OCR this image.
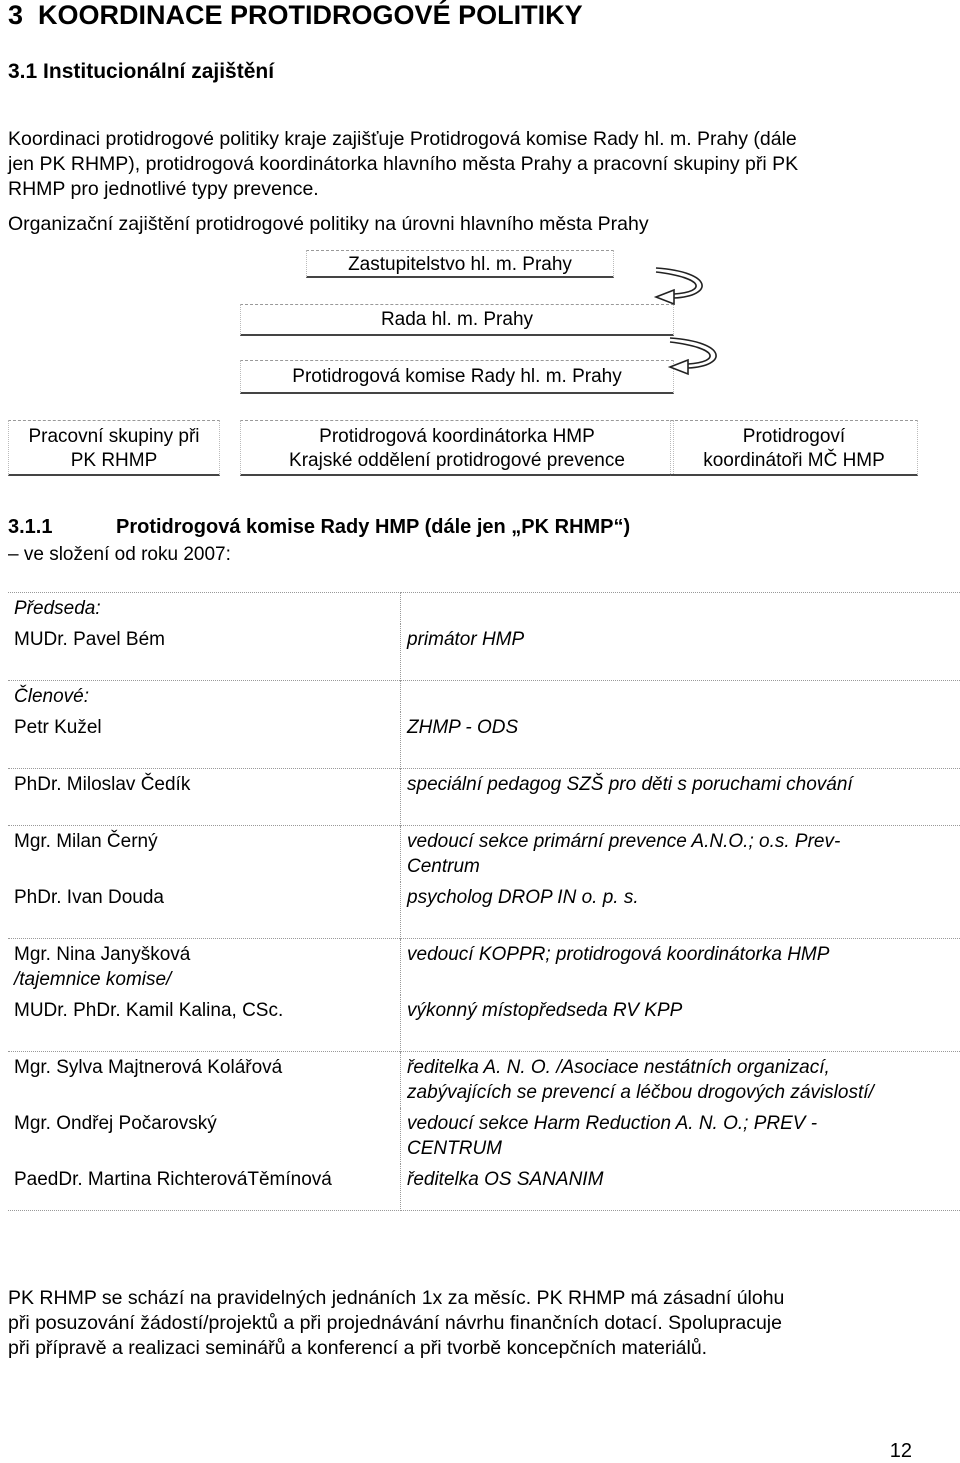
3 KOORDINACE PROTIDROGOVÉ POLITIKY
3.1 Institucionální zajištění
Koordinaci protidrogové politiky kraje zajišťuje Protidrogová komise Rady hl. m. Prahy (dále
jen PK RHMP), protidrogová koordinátorka hlavního města Prahy a pracovní skupiny při PK
RHMP pro jednotlivé typy prevence.
Organizační zajištění protidrogové politiky na úrovni hlavního města Prahy
Zastupitelstvo hl. m. Prahy
Rada hl. m. Prahy
Protidrogová komise Rady hl. m. Prahy
Pracovní skupiny při
PK RHMP
Protidrogová koordinátorka HMP
Krajské oddělení protidrogové prevence
Protidrogoví
koordinátoři MČ HMP
3.1.1	Protidrogová komise Rady HMP (dále jen „PK RHMP“)
– ve složení od roku 2007:
Předseda:	
MUDr. Pavel Bém	primátor HMP
Členové:	
Petr Kužel	ZHMP - ODS
PhDr. Miloslav Čedík	speciální pedagog SZŠ pro děti s poruchami chování
Mgr. Milan Černý	vedoucí sekce primární prevence A.N.O.; o.s. Prev-
Centrum

PhDr. Ivan Douda	psycholog DROP IN o. p. s.

Mgr. Nina Janyšková
/tajemnice komise/	vedoucí KOPPR; protidrogová koordinátorka HMP
MUDr. PhDr. Kamil Kalina, CSc.	výkonný místopředseda RV KPP
Mgr. Sylva Majtnerová Kolářová	ředitelka A. N. O. /Asociace nestátních organizací,
zabývajících se prevencí a léčbou drogových závislostí/

Mgr. Ondřej Počarovský	vedoucí sekce Harm Reduction A. N. O.; PREV -
CENTRUM

PaedDr. Martina RichterováTěmínová	ředitelka OS SANANIM
PK RHMP se schází na pravidelných jednáních 1x za měsíc. PK RHMP má zásadní úlohu
při posuzování žádostí/projektů a při projednávání návrhu finančních dotací. Spolupracuje
při přípravě a realizaci seminářů a konferencí a při tvorbě koncepčních materiálů.
12
